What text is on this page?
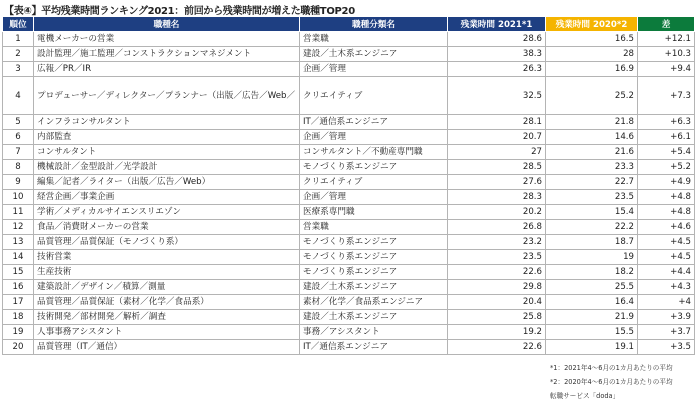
【表④】平均残業時間ランキング2021：前回から残業時間が増えた職種TOP20
順位	職種名	職種分類名	残業時間 2021*1	残業時間 2020*2	差
1	電機メーカーの営業	営業職	28.6	16.5	+12.1
2	設計監理／施工監理／コンストラクションマネジメント	建設／土木系エンジニア	38.3	28	+10.3
3	広報／PR／IR	企画／管理	26.3	16.9	+9.4
4	プロデューサー／ディレクター／プランナー（出版／広告／Web／	クリエイティブ	32.5	25.2	+7.3
5	インフラコンサルタント	IT／通信系エンジニア	28.1	21.8	+6.3
6	内部監査	企画／管理	20.7	14.6	+6.1
7	コンサルタント	コンサルタント／不動産専門職	27	21.6	+5.4
8	機械設計／金型設計／光学設計	モノづくり系エンジニア	28.5	23.3	+5.2
9	編集／記者／ライター（出版／広告／Web）	クリエイティブ	27.6	22.7	+4.9
10	経営企画／事業企画	企画／管理	28.3	23.5	+4.8
11	学術／メディカルサイエンスリエゾン	医療系専門職	20.2	15.4	+4.8
12	食品／消費財メーカーの営業	営業職	26.8	22.2	+4.6
13	品質管理／品質保証（モノづくり系）	モノづくり系エンジニア	23.2	18.7	+4.5
14	技術営業	モノづくり系エンジニア	23.5	19	+4.5
15	生産技術	モノづくり系エンジニア	22.6	18.2	+4.4
16	建築設計／デザイン／積算／測量	建設／土木系エンジニア	29.8	25.5	+4.3
17	品質管理／品質保証（素材／化学／食品系）	素材／化学／食品系エンジニア	20.4	16.4	+4
18	技術開発／部材開発／解析／調査	建設／土木系エンジニア	25.8	21.9	+3.9
19	人事事務アシスタント	事務／アシスタント	19.2	15.5	+3.7
20	品質管理（IT／通信）	IT／通信系エンジニア	22.6	19.1	+3.5
*1：2021年4〜6月の1カ月あたりの平均
*2：2020年4〜6月の1カ月あたりの平均
転職サービス「doda」
